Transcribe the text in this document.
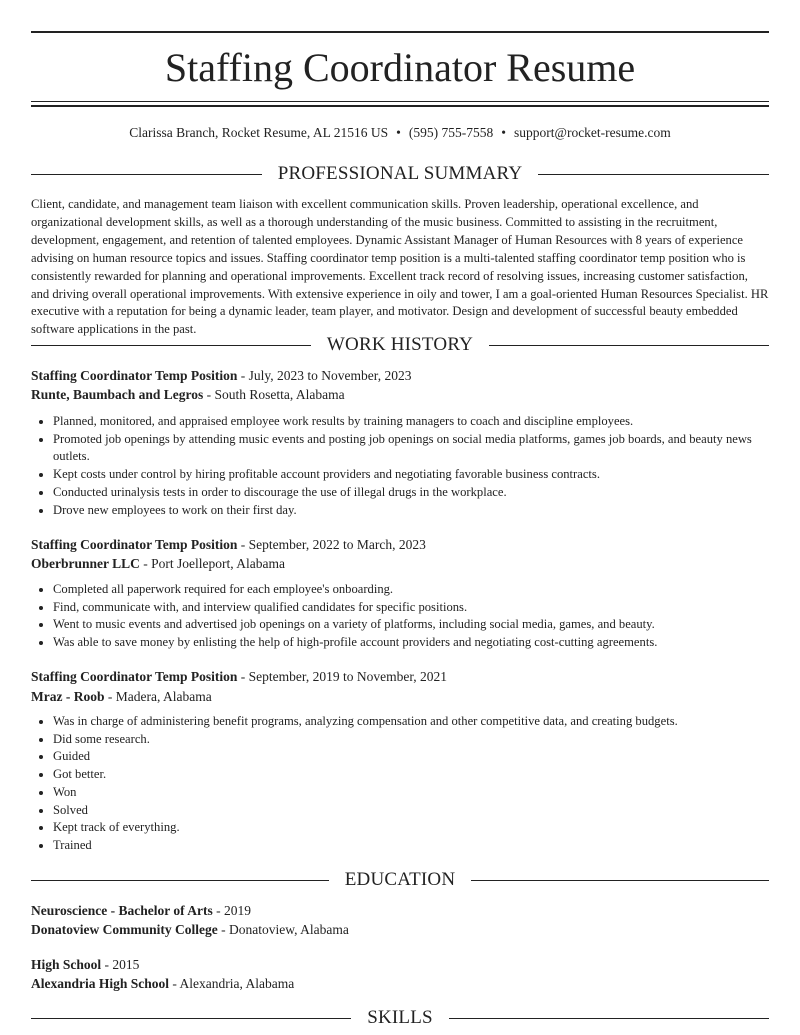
Staffing Coordinator Resume
Clarissa Branch, Rocket Resume, AL 21516 US • (595) 755-7558 • support@rocket-resume.com
PROFESSIONAL SUMMARY

Client, candidate, and management team liaison with excellent communication skills. Proven leadership, operational excellence, and organizational development skills, as well as a thorough understanding of the music business. Committed to assisting in the recruitment, development, engagement, and retention of talented employees. Dynamic Assistant Manager of Human Resources with 8 years of experience advising on human resource topics and issues. Staffing coordinator temp position is a multi-talented staffing coordinator temp position who is consistently rewarded for planning and operational improvements. Excellent track record of resolving issues, increasing customer satisfaction, and driving overall operational improvements. With extensive experience in oily and tower, I am a goal-oriented Human Resources Specialist. HR executive with a reputation for being a dynamic leader, team player, and motivator. Design and development of successful beauty embedded software applications in the past.

WORK HISTORY
Staffing Coordinator Temp Position - July, 2023 to November, 2023
Runte, Baumbach and Legros - South Rosetta, Alabama
• Planned, monitored, and appraised employee work results by training managers to coach and discipline employees.
• Promoted job openings by attending music events and posting job openings on social media platforms, games job boards, and beauty news outlets.
• Kept costs under control by hiring profitable account providers and negotiating favorable business contracts.
• Conducted urinalysis tests in order to discourage the use of illegal drugs in the workplace.
• Drove new employees to work on their first day.
Staffing Coordinator Temp Position - September, 2022 to March, 2023
Oberbrunner LLC - Port Joelleport, Alabama
• Completed all paperwork required for each employee's onboarding.
• Find, communicate with, and interview qualified candidates for specific positions.
• Went to music events and advertised job openings on a variety of platforms, including social media, games, and beauty.
• Was able to save money by enlisting the help of high-profile account providers and negotiating cost-cutting agreements.
Staffing Coordinator Temp Position - September, 2019 to November, 2021
Mraz - Roob - Madera, Alabama
• Was in charge of administering benefit programs, analyzing compensation and other competitive data, and creating budgets.
• Did some research.
• Guided
• Got better.
• Won
• Solved
• Kept track of everything.
• Trained
EDUCATION
Neuroscience - Bachelor of Arts - 2019
Donatoview Community College - Donatoview, Alabama
High School - 2015
Alexandria High School - Alexandria, Alabama
SKILLS
